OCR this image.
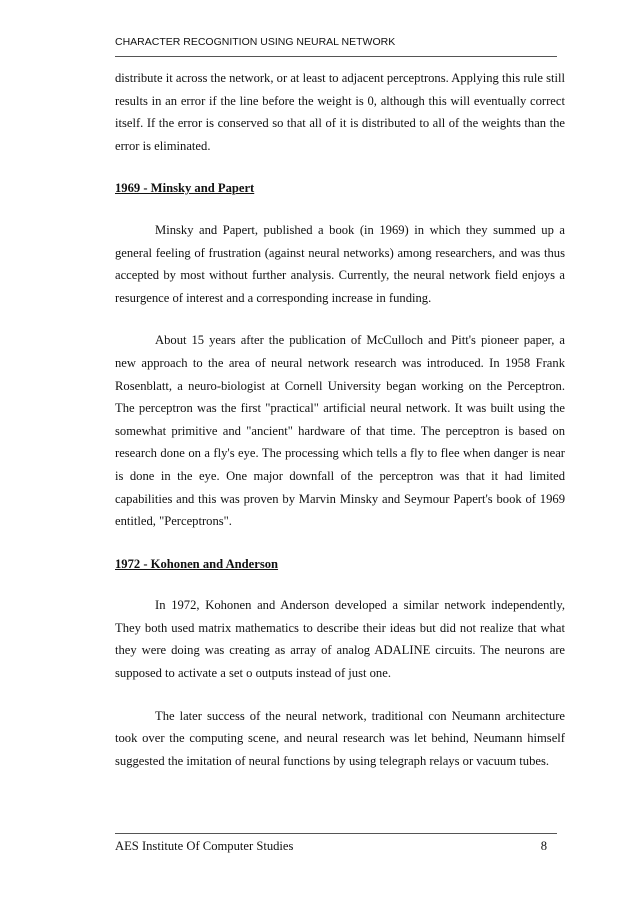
CHARACTER RECOGNITION USING NEURAL NETWORK

distribute it across the network, or at least to adjacent perceptrons. Applying this rule still results in an error if the line before the weight is 0, although this will eventually correct itself. If the error is conserved so that all of it is distributed to all of the weights than the error is eliminated.

1969 - Minsky and Papert

Minsky and Papert, published a book (in 1969) in which they summed up a general feeling of frustration (against neural networks) among researchers, and was thus accepted by most without further analysis. Currently, the neural network field enjoys a resurgence of interest and a corresponding increase in funding.

About 15 years after the publication of McCulloch and Pitt's pioneer paper, a new approach to the area of neural network research was introduced. In 1958 Frank Rosenblatt, a neuro-biologist at Cornell University began working on the Perceptron. The perceptron was the first "practical" artificial neural network. It was built using the somewhat primitive and "ancient" hardware of that time. The perceptron is based on research done on a fly's eye. The processing which tells a fly to flee when danger is near is done in the eye. One major downfall of the perceptron was that it had limited capabilities and this was proven by Marvin Minsky and Seymour Papert's book of 1969 entitled, "Perceptrons".

1972 - Kohonen and Anderson

In 1972, Kohonen and Anderson developed a similar network independently, They both used matrix mathematics to describe their ideas but did not realize that what they were doing was creating as array of analog ADALINE circuits. The neurons are supposed to activate a set o outputs instead of just one.

The later success of the neural network, traditional con Neumann architecture took over the computing scene, and neural research was let behind, Neumann himself suggested the imitation of neural functions by using telegraph relays or vacuum tubes.

AES Institute Of Computer Studies	8
